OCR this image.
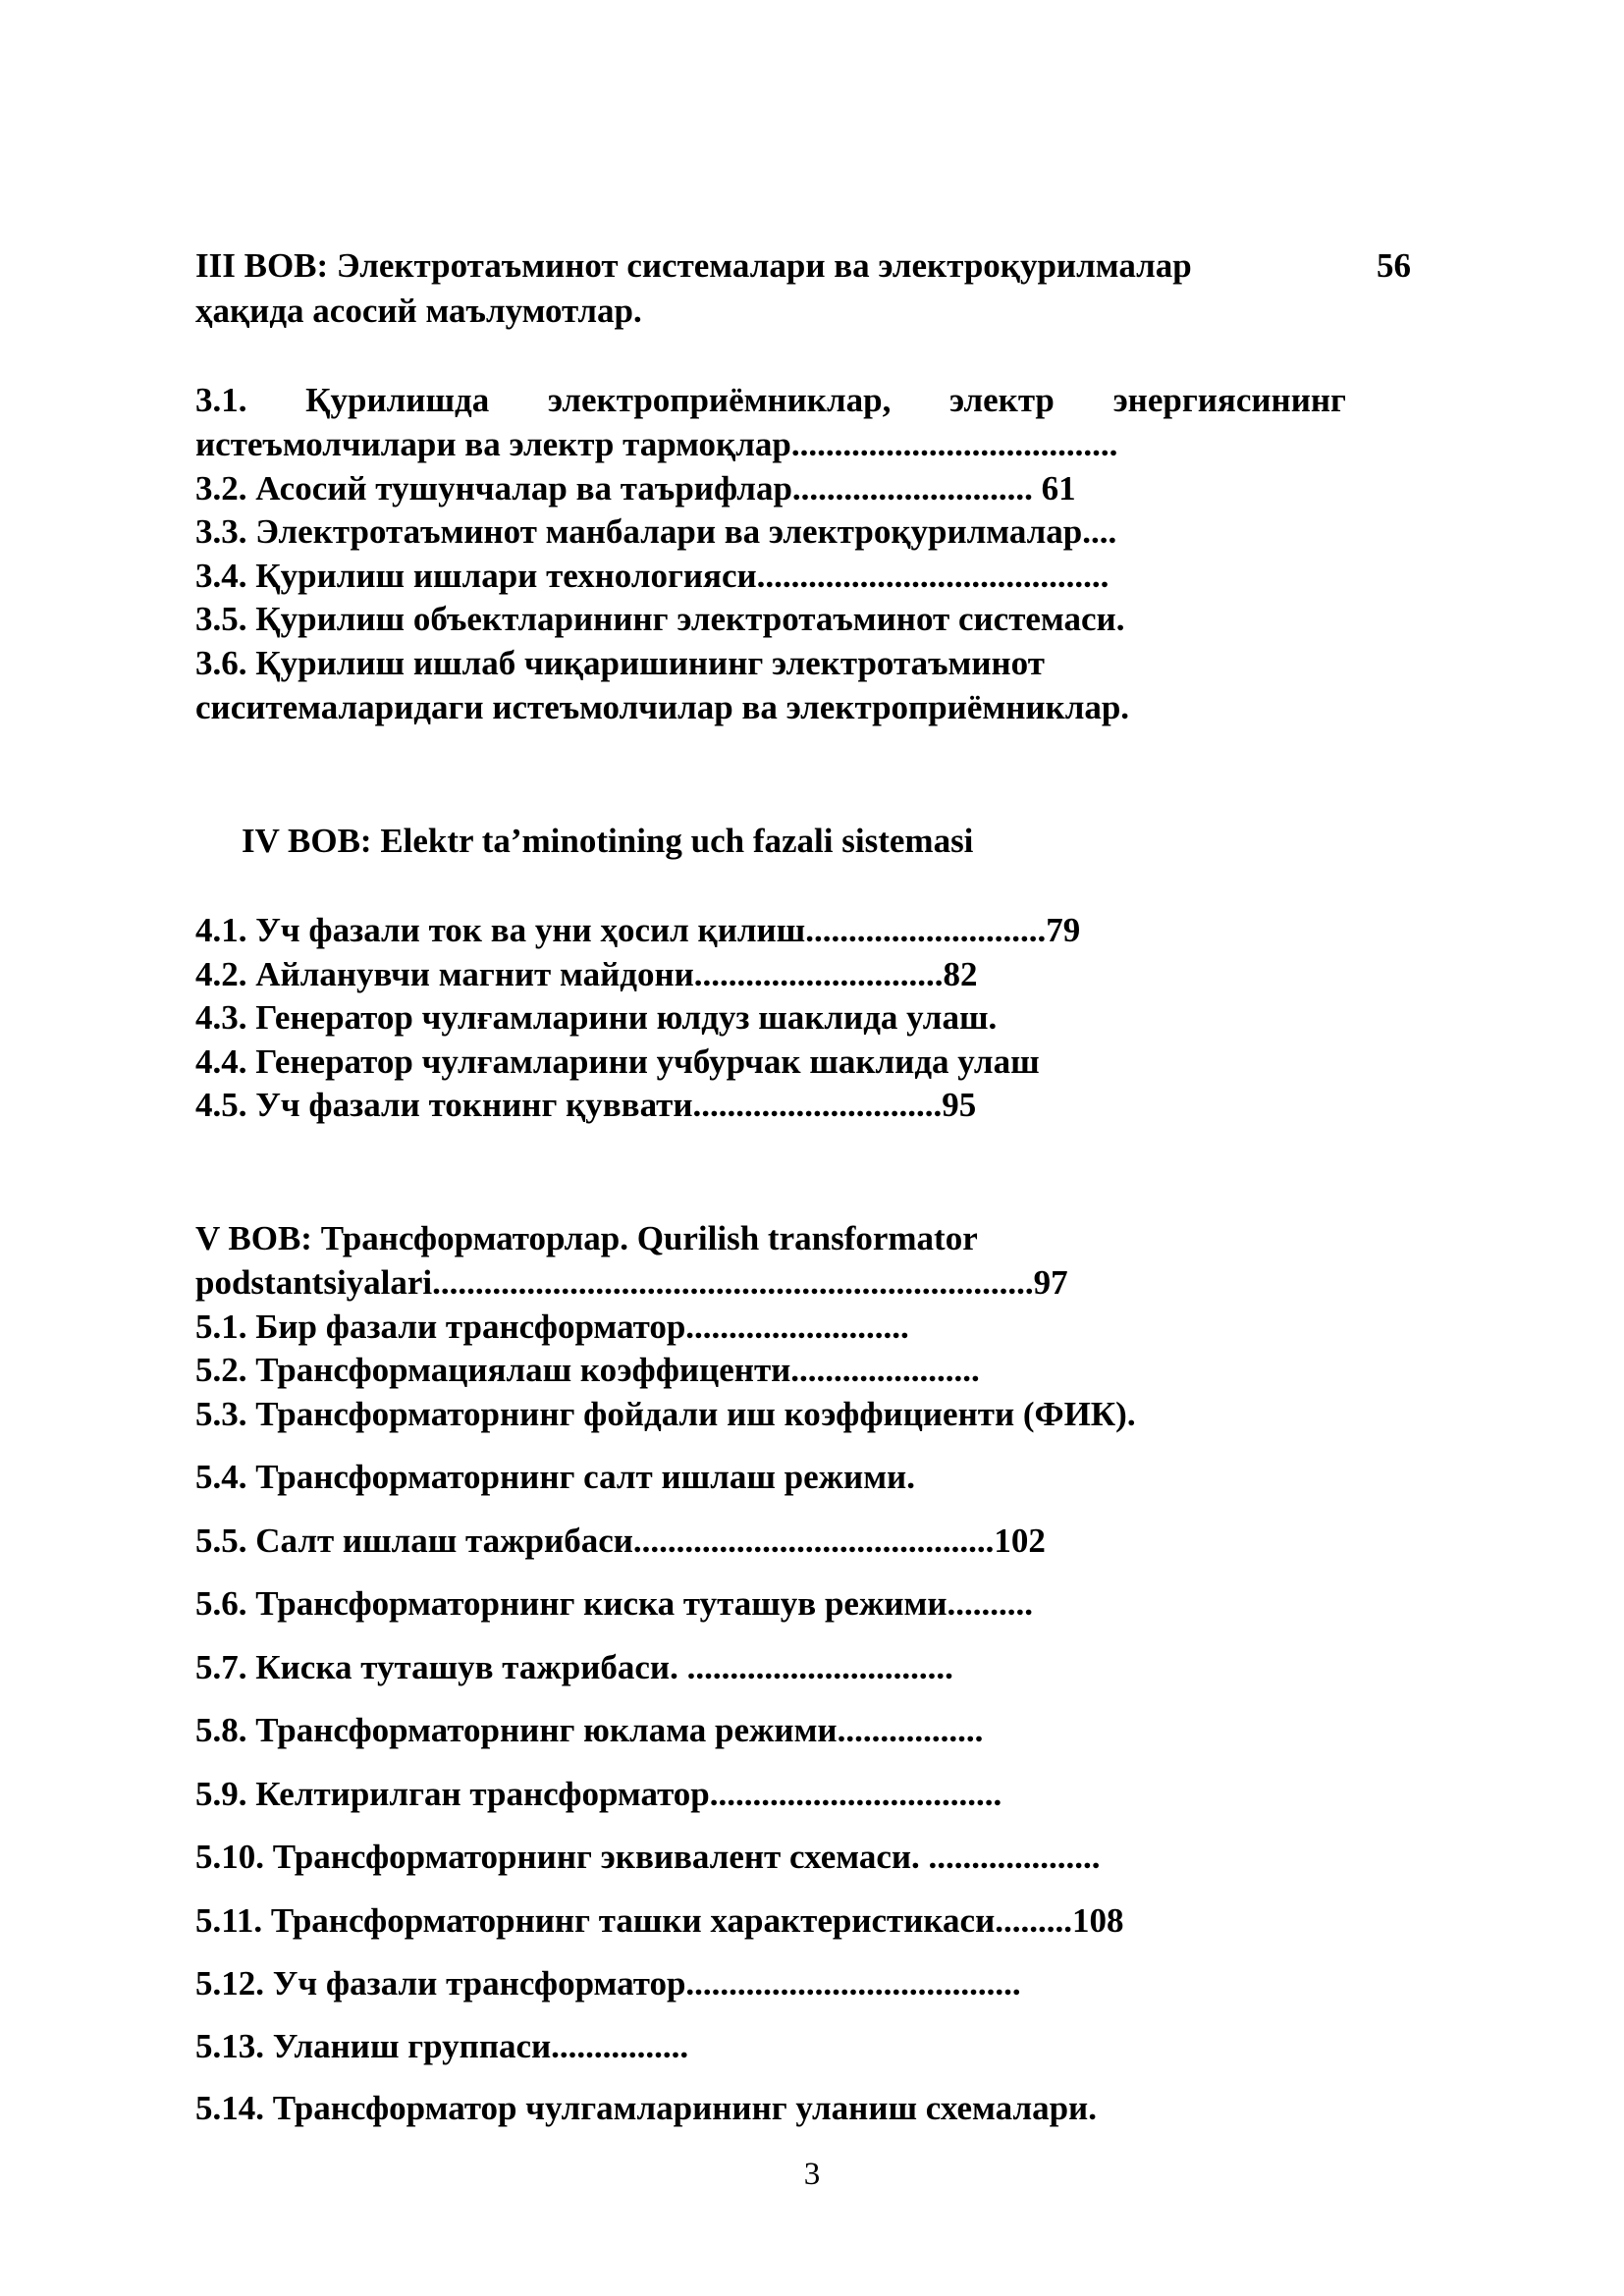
III BOB: Электротаъминот системалари ва электроқурилмалар	56

ҳақида асосий маълумотлар.

3.1. Қурилишда электроприёмниклар, электр энергиясининг

истеъмолчилари ва электр тармоқлар......................................

3.2. Асосий тушунчалар ва таърифлар............................ 61

3.3. Электротаъминот манбалари ва электроқурилмалар....

3.4. Қурилиш ишлари технологияси.........................................

3.5. Қурилиш объектларининг электротаъминот системаси.

3.6. Қурилиш ишлаб чиқаришининг электротаъминот

сиситемаларидаги истеъмолчилар ва электроприёмниклар.

IV BOB: Elektr ta’minotining uch fazali sistemasi

4.1. Уч фазали ток ва уни ҳосил қилиш............................79

4.2. Айланувчи магнит майдони.............................82

4.3. Генератор чулғамларини юлдуз шаклида улаш.

4.4. Генератор чулғамларини учбурчак шаклида улаш

4.5. Уч фазали токнинг қуввати.............................95

V BOB: Трансформаторлар. Qurilish transformator

podstantsiyalari......................................................................97

5.1. Бир фазали трансформатор..........................

5.2. Трансформациялаш коэффиценти......................

5.3. Трансформаторнинг фойдали иш коэффициенти (ФИК).

5.4. Трансформаторнинг салт ишлаш режими.

5.5. Салт ишлаш тажрибаси..........................................102

5.6. Трансформаторнинг киска туташув режими..........

5.7. Киска туташув тажрибаси. ...............................

5.8. Трансформаторнинг юклама режими.................

5.9. Келтирилган трансформатор..................................

5.10. Трансформаторнинг эквивалент схемаси. ....................

5.11. Трансформаторнинг ташки характеристикаси.........108

5.12. Уч фазали трансформатор.......................................

5.13. Уланиш группаси................

5.14. Трансформатор чулгамларининг уланиш схемалари.

3
